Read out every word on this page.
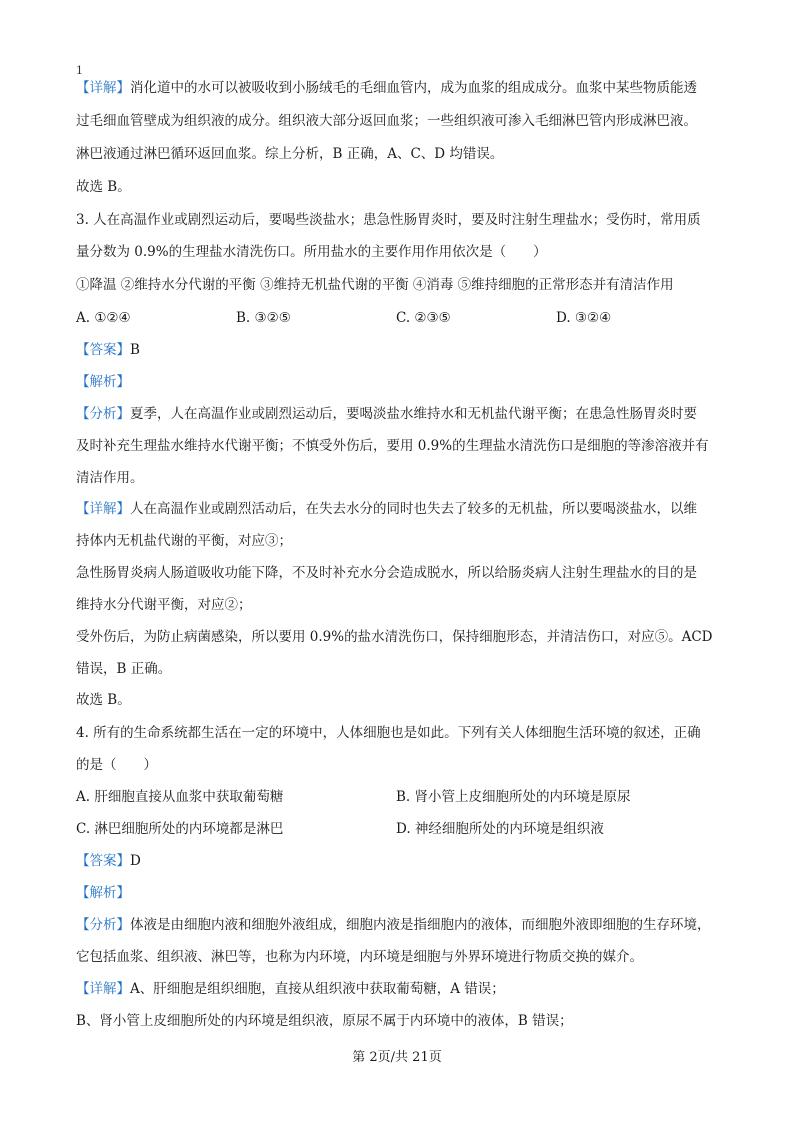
1
【详解】消化道中的水可以被吸收到小肠绒毛的毛细血管内，成为血浆的组成成分。血浆中某些物质能透
过毛细血管壁成为组织液的成分。组织液大部分返回血浆；一些组织液可渗入毛细淋巴管内形成淋巴液。
淋巴液通过淋巴循环返回血浆。综上分析，B 正确，A、C、D 均错误。
故选 B。
3. 人在高温作业或剧烈运动后，要喝些淡盐水；患急性肠胃炎时，要及时注射生理盐水；受伤时，常用质
量分数为 0.9%的生理盐水清洗伤口。所用盐水的主要作用作用依次是（　　）
①降温 ②维持水分代谢的平衡 ③维持无机盐代谢的平衡 ④消毒 ⑤维持细胞的正常形态并有清洁作用
A. ①②④	B. ③②⑤	C. ②③⑤	D. ③②④
【答案】B
【解析】
【分析】夏季，人在高温作业或剧烈运动后，要喝淡盐水维持水和无机盐代谢平衡；在患急性肠胃炎时要
及时补充生理盐水维持水代谢平衡；不慎受外伤后，要用 0.9%的生理盐水清洗伤口是细胞的等渗溶液并有
清洁作用。
【详解】人在高温作业或剧烈活动后，在失去水分的同时也失去了较多的无机盐，所以要喝淡盐水，以维
持体内无机盐代谢的平衡，对应③；
急性肠胃炎病人肠道吸收功能下降，不及时补充水分会造成脱水，所以给肠炎病人注射生理盐水的目的是
维持水分代谢平衡，对应②；
受外伤后，为防止病菌感染，所以要用 0.9%的盐水清洗伤口，保持细胞形态，并清洁伤口，对应⑤。ACD
错误，B 正确。
故选 B。
4. 所有的生命系统都生活在一定的环境中，人体细胞也是如此。下列有关人体细胞生活环境的叙述，正确
的是（　　）
A. 肝细胞直接从血浆中获取葡萄糖	B. 肾小管上皮细胞所处的内环境是原尿
C. 淋巴细胞所处的内环境都是淋巴	D. 神经细胞所处的内环境是组织液
【答案】D
【解析】
【分析】体液是由细胞内液和细胞外液组成，细胞内液是指细胞内的液体，而细胞外液即细胞的生存环境，
它包括血浆、组织液、淋巴等，也称为内环境，内环境是细胞与外界环境进行物质交换的媒介。
【详解】A、肝细胞是组织细胞，直接从组织液中获取葡萄糖，A 错误；
B、肾小管上皮细胞所处的内环境是组织液，原尿不属于内环境中的液体，B 错误；
第 2页/共 21页
